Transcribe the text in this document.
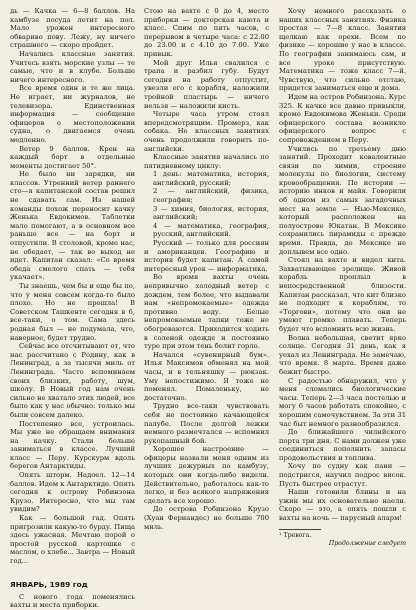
дь — Качка — 6—8 баллов. На камбузе посуда летит на пол. Мало урожен интересного обвариво пову. Лежу, ну ничего страшного — скоро пройдет.

Начались классные занятия. Учитесь взять морские узлы — те самые, что и в клубе. Больше ничего интересного.

Все время один и те же лица. Не играет, ни журналов, не телевизора. Единственная информация — сообщение офицеров о местоположении судна, о двигаемся очень медленно.

Ветер 9 баллов. Крен на каждый борт в отдельные моменты достигает 50°.

Не было ни зарядки, ни классов. Утренний ветер раннего сто—я капитанской состав решил не сдавать сам. Из нашей команды похож переносит качку Женька Евдокимов. Таблетки мало помогают, а в основном все раньше все — на борт и отпустили. В столовой, кроме нас, не обедает, — так во выход не идет. Капитан сказал: «Со время обеда смелого спать — тебя укачает».

Ты знаешь, чем бы и еще бы по, что у меня совсем когда-то было плохо. Но не прошла! В Советском Ташкенте сегодня в 6, все-таки, о том. Сама здесь родная был — не подумала, что, наверное, будет трудно.

Сейчас все отсчитывают от, что нас рассчитано с Родину, как в Ленинград, а за тысячи миль от Ленинграда. Часто вспоминаем своих близких, работу, шум, школу. В Новый год нам очень сильно не хватало этих людей, все было как у нас обычно: только мы были совсем далеко.

Постепенно все, устроилась. Мы уже не обращаем внимания на качку. Стали больше заниматься в классе. Лучший класс — Перу. Курскурм вдоль берегов Антарктиды.

Опять шторм. Надоел. 12—14 баллов. Идем к Антарктиде. Опять сегодня к острову Робинзона Крузо. Интересно, что мы там увидим?

Как — большой гад. Опять пригрозили какую-то бурду. Пища здесь ужасная. Мечтаю порой о простой русской картошке с маслом, о хлебе... Завтра — Новый год...

ЯНВАРЬ, 1989 год

С нового года поменялись вахты и места приборки.

Стою на вахте с 0 до 4, место приборки — докторская каюта и класс. Спим по пять часов, с перерывом в четыре часа: с 22.00 до 23.00 и с 4.10 до 7.00. Уже привык.

Мой друг Илья свалился с трапа и разбил губу. Будут сегодня на работу отпустит, увезли его с корабля, наложили тройной пластырь — ничего нельзя — наложили кисть.

Четыре часа утром стоял впередсмотрящим. Промерз, как собака. Не классных занятиях очень продолжили говорить по-английски.

Классные занятия начались по пятидневному циклу:

1 день: математика, история, английский, русский;

2 — английский, физика, география;

3 — химия, биология, история, английский;

4 — математика, география, русский, английский.

Русский — только для россиян и американцев. Географию и история будет капитан. А самой интересный урок — информатика.

Во время вахты очень непривычно холодный ветер с дождем, тем более, что выдавали нам «непромокаемые» одежда противно воду. Белые непромокаемые тапки тоже не обогреваются. Приходится ходить в соленой одежде и постоянно туре при этом тень болит горло.

Начался «сувенирный бум». Илья Максимов обменял на мой часы, и в тельняшку — рюкзак. Уму непостижимо. Я тоже не поменял. Помаленьку, не достаточно.

Трудно все-таки чувствовать себя не постоянно качающейся палубе. После долгой лежки немного размечтался — вспомнил рукопашный бой.

Хорошее настроение — офицеры назвали меня одним из лучших дежурных по камбузу, которых они когда-либо видели. Действительно, работалось как-то легко, и без всякого напряжения сделать все хорошо.

До острова Робинзона Крузо (Хуан Фернандес) не больше 700 миль.

Хочу немного рассказать о наших классных занятиях. Физика простая — 7—8 класс. Занятия щелкаю как орехи. Всем по физике — хорошие у нас в классе. По географии занимаюсь сам, и все уроке присутствую. Математика — тоже класс 7—й. Чувствую, что сильно отстаю, придется заниматься еще и дома.

Идем на остров Робинзона. Курс 325. К качке все давно привыкли, кроме Евдокимова Женьки. Среди офицерского состава возникло офицерского вопрос с сопровождением в Перу.

Учились по третьему дню занятий. Проходит ковалентные связи по химии, строение молекулы по биологии, систему кровообращения. По истории — историю инков и майя. Говорили об одном из самых загадочных мест на земле — Нью-Мексико, который расположен на полуострове Юкатан. В Мексике сохранились пирамиды с прежде время. Правда, до Мексике не доплывем все одно.

Стоял на вахте и видел кита. Захватывающее зрелище. Живой корабль проплыл в непосредственной близости. Капитан рассказал, что кит близко не подходит к кораблям, то «Торгови», потому что они не умеют громко плавать. Теперь будет что вспомнить всю жизнь.

Волна небольшая, светит ярко солнце. Сегодня 31 день, как я уехал из Ленинграда. Не замечаю, что время. 8 марта. Время даже бежит быстро.

С радостью обнаружил, что у меня сломались биологические часы. Теперь 2—3 часа постелью и могу 6 часов работать спокойно, с хорошим самочувствием. За эти 31 час быт немного разнообразился.

До ближайшего чилийского порта три дня. С нами должен уже соединиться пополнить запасы продовольствия и топлива.

Хочу по судну как пани — подстригся, научил подрос висок. Пусть быстрее отрастут.

Наши готовили блины и на ужин мы их основательно наели. Скоро — это, а опять пошли с вахты на ночь — парусный аларм!

¹ Тревога.

Продолжение следует
